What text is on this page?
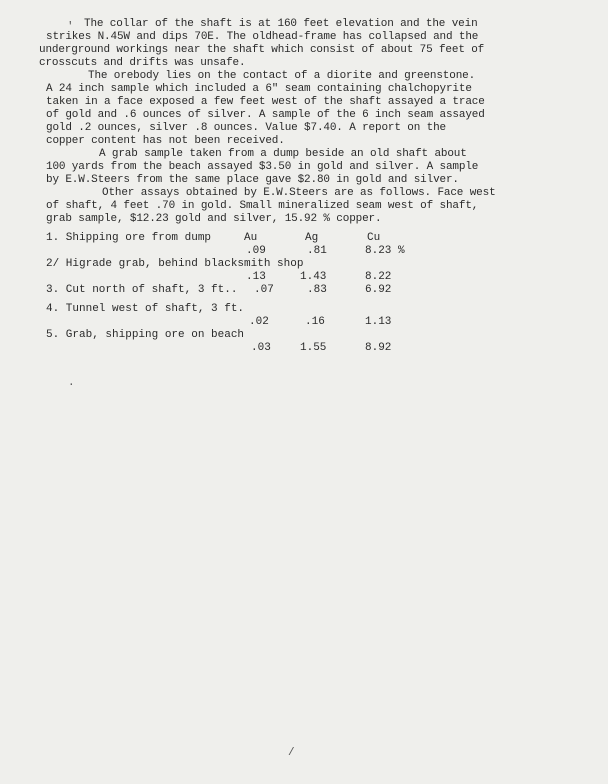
The collar of the shaft is at 160 feet elevation and the vein
strikes N.45W and dips 70E. The oldhead-frame has collapsed and the
underground workings near the shaft which consist of about 75 feet of
crosscuts and drifts was unsafe.
The orebody lies on the contact of a diorite and greenstone.
A 24 inch sample which included a 6" seam containing chalchopyrite
taken in a face exposed a few feet west of the shaft assayed a trace
of gold and .6 ounces of silver. A sample of the 6 inch seam assayed
gold .2 ounces, silver .8 ounces. Value $7.40. A report on the
copper content has not been received.
A grab sample taken from a dump beside an old shaft about
100 yards from the beach assayed $3.50 in gold and silver. A sample
by E.W.Steers from the same place gave $2.80 in gold and silver.
Other assays obtained by E.W.Steers are as follows. Face west
of shaft, 4 feet .70 in gold. Small mineralized seam west of shaft,
grab sample, $12.23 gold and silver, 15.92 % copper.
1. Shipping ore from dump	Au	Ag	Cu
.09	.81	8.23 %
2/ Higrade grab, behind blacksmith shop
.13	1.43	8.22
3. Cut north of shaft, 3 ft.. .07	.83	6.92
4. Tunnel west of shaft, 3 ft.
.02	.16	1.13
5. Grab, shipping ore on beach
.03	1.55	8.92
'
.
/
